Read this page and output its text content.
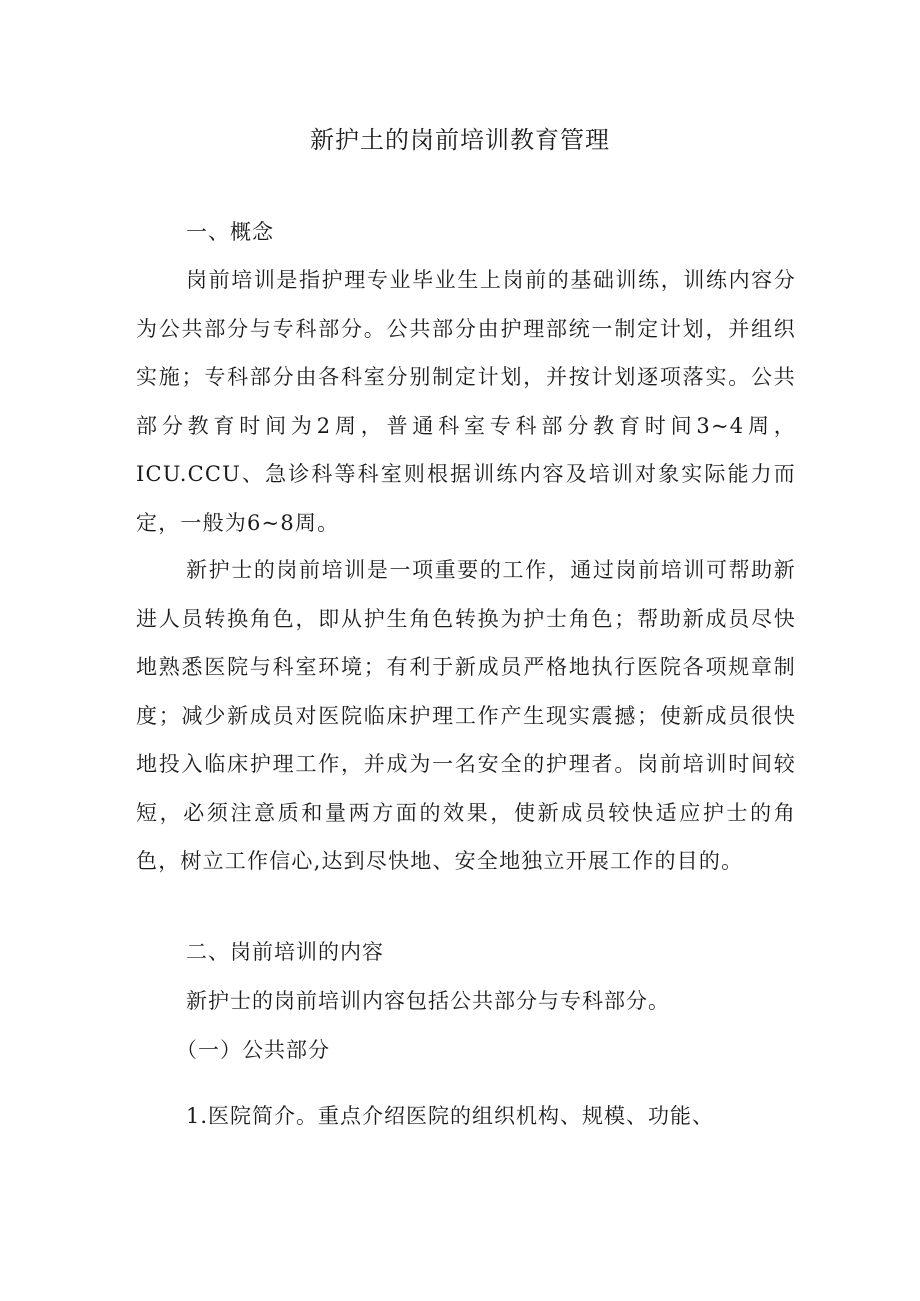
新护土的岗前培训教育管理
一、概念

岗前培训是指护理专业毕业生上岗前的基础训练，训练内容分为公共部分与专科部分。公共部分由护理部统一制定计划，并组织实施；专科部分由各科室分别制定计划，并按计划逐项落实。公共部分教育时间为2周，普通科室专科部分教育时间3~4周，ICU.CCU、急诊科等科室则根据训练内容及培训对象实际能力而定，一般为6~8周。

新护士的岗前培训是一项重要的工作，通过岗前培训可帮助新进人员转换角色，即从护生角色转换为护士角色；帮助新成员尽快地熟悉医院与科室环境；有利于新成员严格地执行医院各项规章制度；减少新成员对医院临床护理工作产生现实震撼；使新成员很快地投入临床护理工作，并成为一名安全的护理者。岗前培训时间较短，必须注意质和量两方面的效果，使新成员较快适应护士的角色，树立工作信心,达到尽快地、安全地独立开展工作的目的。

二、岗前培训的内容
新护士的岗前培训内容包括公共部分与专科部分。
（一）公共部分
1.医院简介。重点介绍医院的组织机构、规模、功能、
